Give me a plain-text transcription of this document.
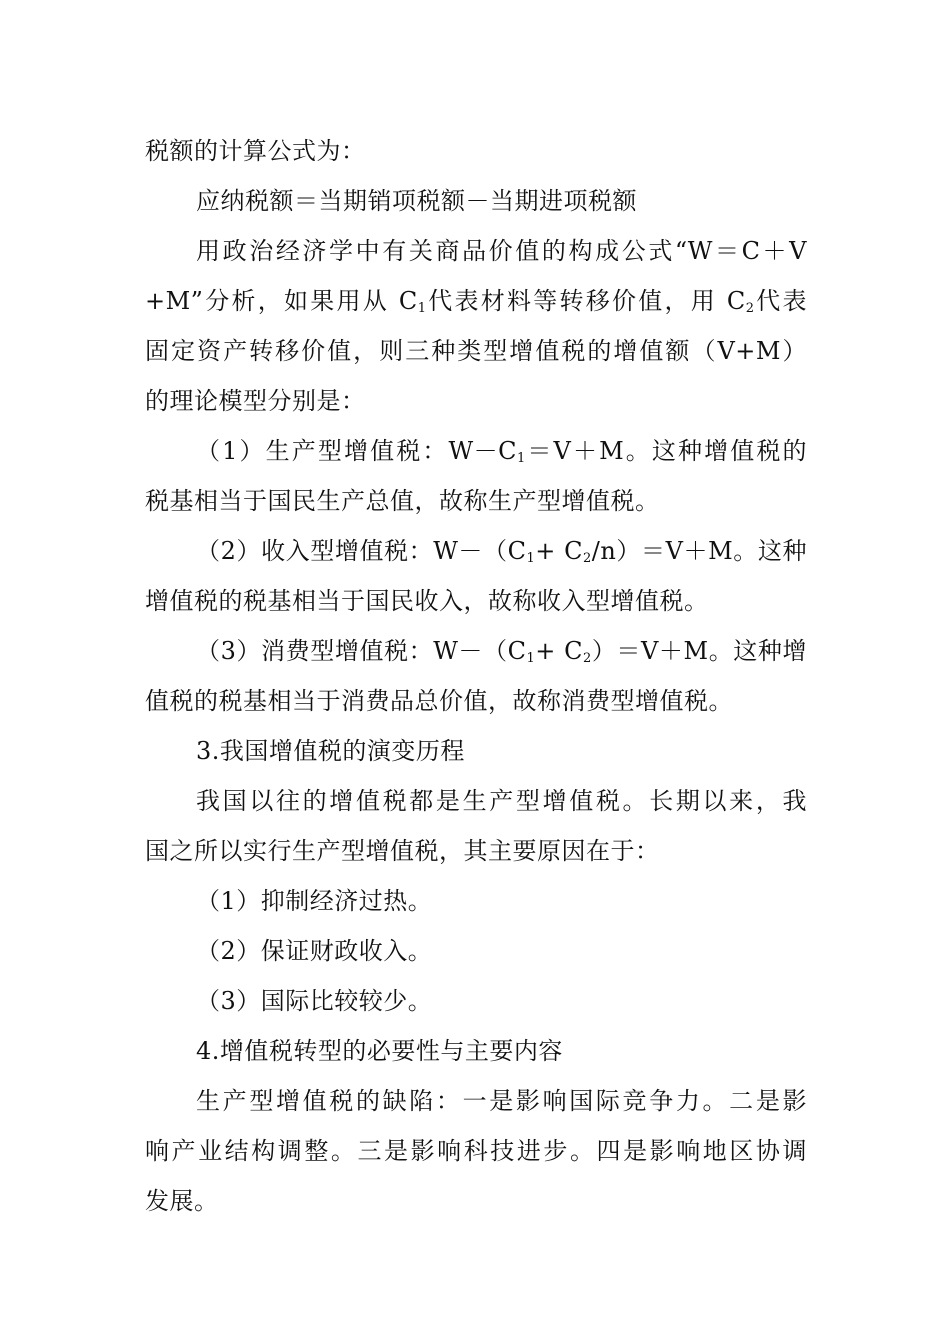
税额的计算公式为：
应纳税额＝当期销项税额－当期进项税额
用政治经济学中有关商品价值的构成公式“W＝C＋V
+M”分析，如果用从 $C_1$代表材料等转移价值，用 $C_2$代表
固定资产转移价值，则三种类型增值税的增值额（V+M）
的理论模型分别是：
（1）生产型增值税：$W-C_1=V+M$。这种增值税的
税基相当于国民生产总值，故称生产型增值税。
（2）收入型增值税：$W-(C_1+ C_2/n)=V+M$。这种
增值税的税基相当于国民收入，故称收入型增值税。
（3）消费型增值税：$W-(C_1+ C_2)=V+M$。这种增
值税的税基相当于消费品总价值，故称消费型增值税。
3.我国增值税的演变历程
我国以往的增值税都是生产型增值税。长期以来，我
国之所以实行生产型增值税，其主要原因在于：
（1）抑制经济过热。
（2）保证财政收入。
（3）国际比较较少。
4.增值税转型的必要性与主要内容
生产型增值税的缺陷：一是影响国际竞争力。二是影
响产业结构调整。三是影响科技进步。四是影响地区协调
发展。
